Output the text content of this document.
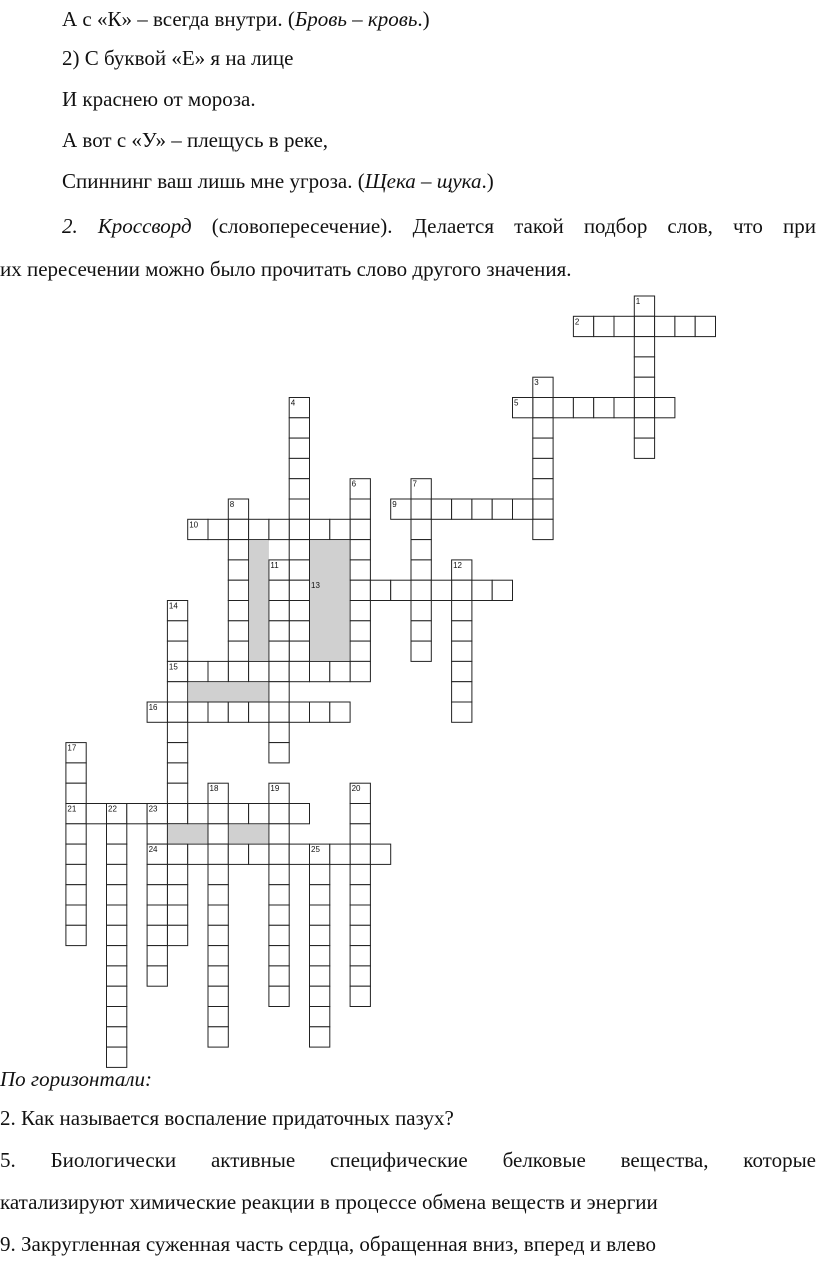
А с «К» – всегда внутри. (Бровь – кровь.)
2) С буквой «Е» я на лице
И краснею от мороза.
А вот с «У» – плещусь в реке,
Спиннинг ваш лишь мне угроза. (Щека – щука.)
2. Кроссворд (словопересечение). Делается такой подбор слов, что при
их пересечении можно было прочитать слово другого значения.
1
2
3
4	5
6	7
8	9
10
11	12
13
14
15
16
17
18	19	20
21	22	23
24	25
По горизонтали:
2. Как называется воспаление придаточных пазух?
5. Биологически активные специфические белковые вещества, которые
катализируют химические реакции в процессе обмена веществ и энергии
9. Закругленная суженная часть сердца, обращенная вниз, вперед и влево
